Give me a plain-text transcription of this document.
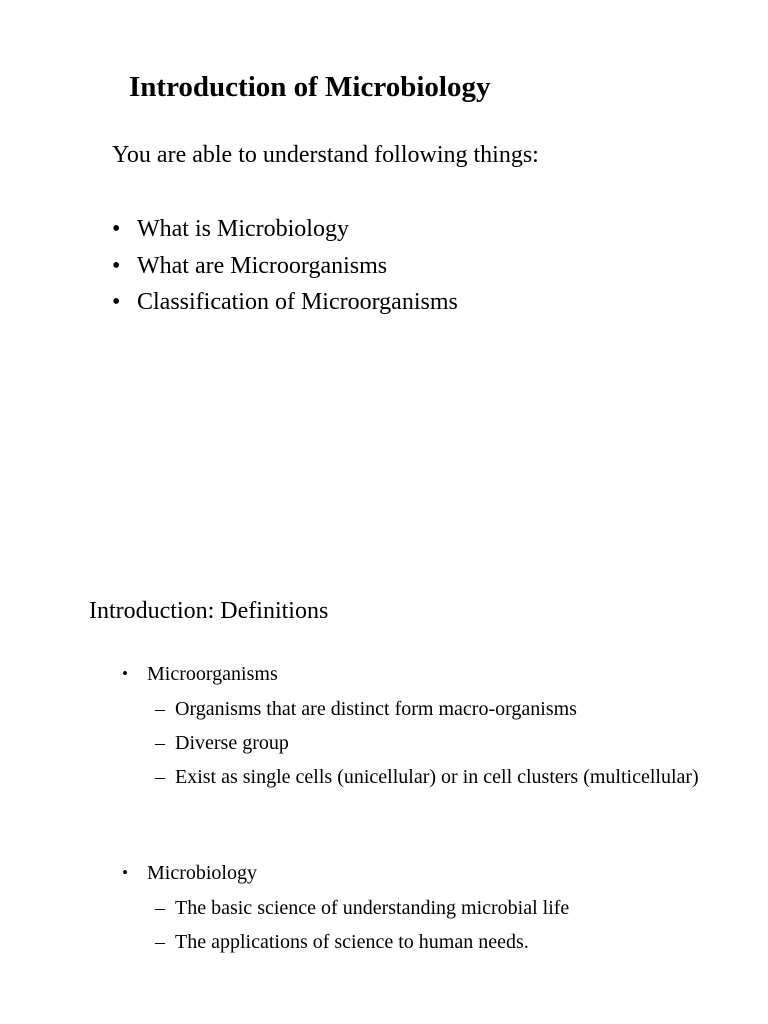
Introduction of Microbiology
You are able to understand following things:
• What is Microbiology
• What are Microorganisms
• Classification of Microorganisms
Introduction: Definitions
• Microorganisms
– Organisms that are distinct form macro-organisms
– Diverse group
– Exist as single cells (unicellular) or in cell clusters (multicellular)
• Microbiology
– The basic science of understanding microbial life
– The applications of science to human needs.
